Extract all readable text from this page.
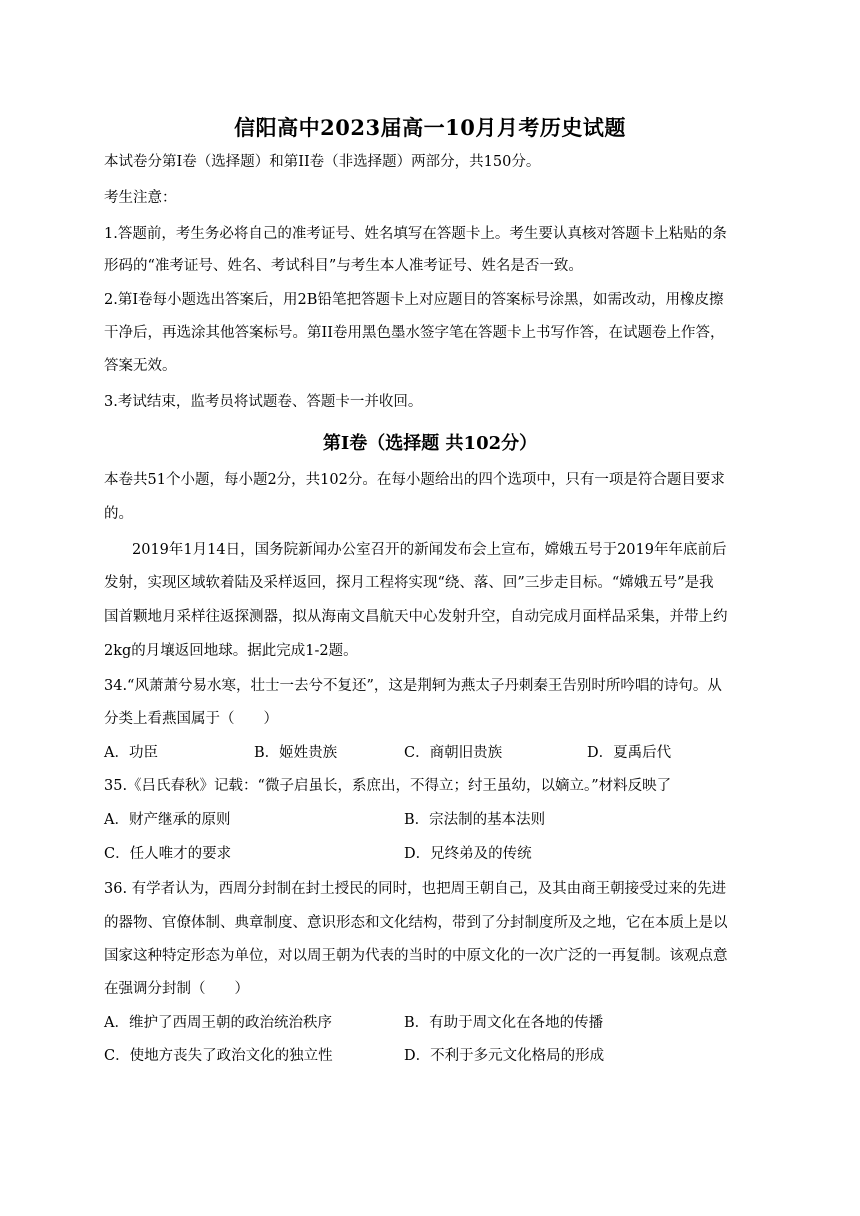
信阳高中2023届高一10月月考历史试题
本试卷分第I卷（选择题）和第II卷（非选择题）两部分，共150分。
考生注意：
1.答题前，考生务必将自己的准考证号、姓名填写在答题卡上。考生要认真核对答题卡上粘贴的条
形码的“准考证号、姓名、考试科目”与考生本人准考证号、姓名是否一致。
2.第I卷每小题选出答案后，用2B铅笔把答题卡上对应题目的答案标号涂黑，如需改动，用橡皮擦
干净后，再选涂其他答案标号。第II卷用黑色墨水签字笔在答题卡上书写作答，在试题卷上作答，
答案无效。
3.考试结束，监考员将试题卷、答题卡一并收回。
第I卷（选择题 共102分）
本卷共51个小题，每小题2分，共102分。在每小题给出的四个选项中，只有一项是符合题目要求
的。
2019年1月14日，国务院新闻办公室召开的新闻发布会上宣布，嫦娥五号于2019年年底前后
发射，实现区域软着陆及采样返回，探月工程将实现“绕、落、回”三步走目标。“嫦娥五号”是我
国首颗地月采样往返探测器，拟从海南文昌航天中心发射升空，自动完成月面样品采集，并带上约
2kg的月壤返回地球。据此完成1-2题。
34.“风萧萧兮易水寒，壮士一去兮不复还”，这是荆轲为燕太子丹刺秦王告别时所吟唱的诗句。从
分类上看燕国属于（　　）
A．功臣	B．姬姓贵族	C．商朝旧贵族	D．夏禹后代
35.《吕氏春秋》记载：“微子启虽长，系庶出，不得立；纣王虽幼，以嫡立。”材料反映了
A．财产继承的原则	B．宗法制的基本法则
C．任人唯才的要求	D．兄终弟及的传统
36. 有学者认为，西周分封制在封土授民的同时，也把周王朝自己，及其由商王朝接受过来的先进
的器物、官僚体制、典章制度、意识形态和文化结构，带到了分封制度所及之地，它在本质上是以
国家这种特定形态为单位，对以周王朝为代表的当时的中原文化的一次广泛的一再复制。该观点意
在强调分封制（　　）
A．维护了西周王朝的政治统治秩序	B．有助于周文化在各地的传播
C．使地方丧失了政治文化的独立性	D．不利于多元文化格局的形成
